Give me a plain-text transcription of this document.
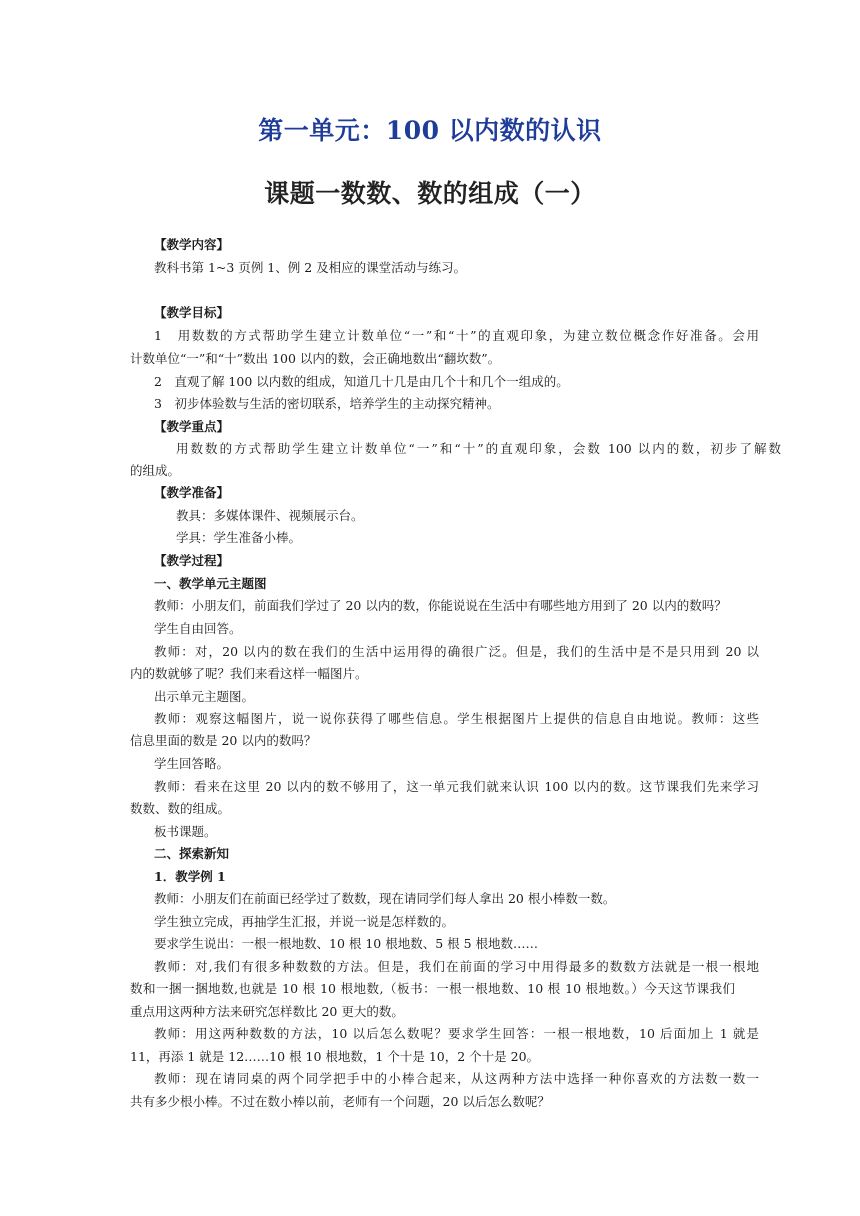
第一单元：100 以内数的认识
课题一数数、数的组成（一）
【教学内容】
教科书第 1~3 页例 1、例 2 及相应的课堂活动与练习。
【教学目标】
1　用数数的方式帮助学生建立计数单位“一”和“十”的直观印象，为建立数位概念作好准备。会用
计数单位“一”和“十”数出 100 以内的数，会正确地数出“翻坎数”。
2　直观了解 100 以内数的组成，知道几十几是由几个十和几个一组成的。
3　初步体验数与生活的密切联系，培养学生的主动探究精神。
【教学重点】
用数数的方式帮助学生建立计数单位“一”和“十”的直观印象，会数 100 以内的数，初步了解数
的组成。
【教学准备】
教具：多媒体课件、视频展示台。
学具：学生准备小棒。
【教学过程】
一、教学单元主题图
教师：小朋友们，前面我们学过了 20 以内的数，你能说说在生活中有哪些地方用到了 20 以内的数吗？
学生自由回答。
教师：对，20 以内的数在我们的生活中运用得的确很广泛。但是，我们的生活中是不是只用到 20 以
内的数就够了呢？我们来看这样一幅图片。
出示单元主题图。
教师：观察这幅图片，说一说你获得了哪些信息。学生根据图片上提供的信息自由地说。教师：这些
信息里面的数是 20 以内的数吗？
学生回答略。
教师：看来在这里 20 以内的数不够用了，这一单元我们就来认识 100 以内的数。这节课我们先来学习
数数、数的组成。
板书课题。
二、探索新知
1．教学例 1
教师：小朋友们在前面已经学过了数数，现在请同学们每人拿出 20 根小棒数一数。
学生独立完成，再抽学生汇报，并说一说是怎样数的。
要求学生说出：一根一根地数、10 根 10 根地数、5 根 5 根地数……
教师：对,我们有很多种数数的方法。但是，我们在前面的学习中用得最多的数数方法就是一根一根地
数和一捆一捆地数,也就是 10 根 10 根地数,（板书：一根一根地数、10 根 10 根地数。）今天这节课我们
重点用这两种方法来研究怎样数比 20 更大的数。
教师：用这两种数数的方法，10 以后怎么数呢？要求学生回答：一根一根地数，10 后面加上 1 就是
11，再添 1 就是 12……10 根 10 根地数，1 个十是 10，2 个十是 20。
教师：现在请同桌的两个同学把手中的小棒合起来，从这两种方法中选择一种你喜欢的方法数一数一
共有多少根小棒。不过在数小棒以前，老师有一个问题，20 以后怎么数呢？
